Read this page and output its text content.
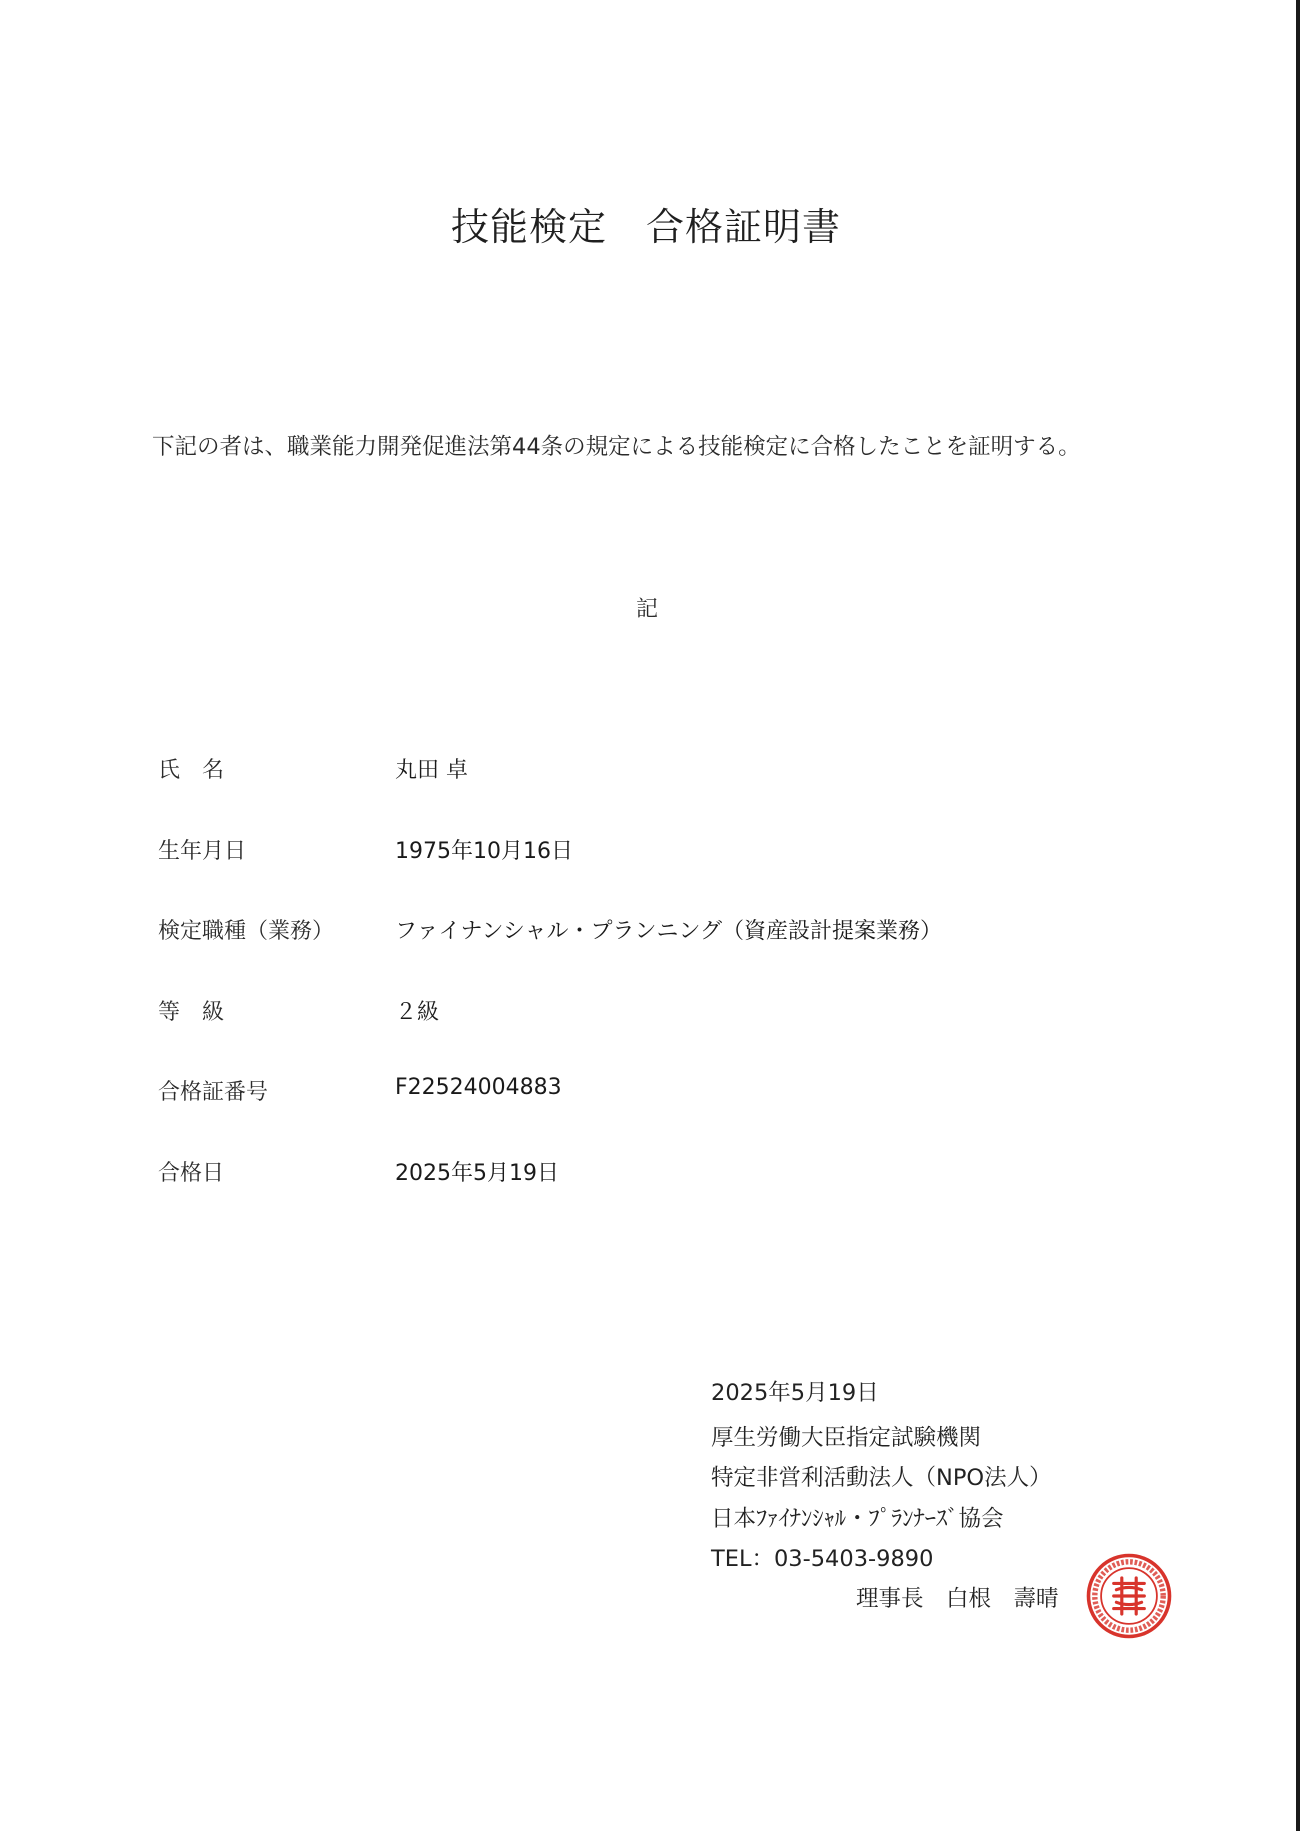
技能検定　合格証明書
下記の者は、職業能力開発促進法第44条の規定による技能検定に合格したことを証明する。
記
氏　名	丸田 卓
生年月日	1975年10月16日
検定職種（業務）	ファイナンシャル・プランニング（資産設計提案業務）
等　級	２級
合格証番号	F22524004883
合格日	2025年5月19日
2025年5月19日
厚生労働大臣指定試験機関
特定非営利活動法人（NPO法人）
日本ﾌｧｲﾅﾝｼｬﾙ・ﾌﾟﾗﾝﾅｰｽﾞ協会
TEL：03-5403-9890
理事長　白根　壽晴
